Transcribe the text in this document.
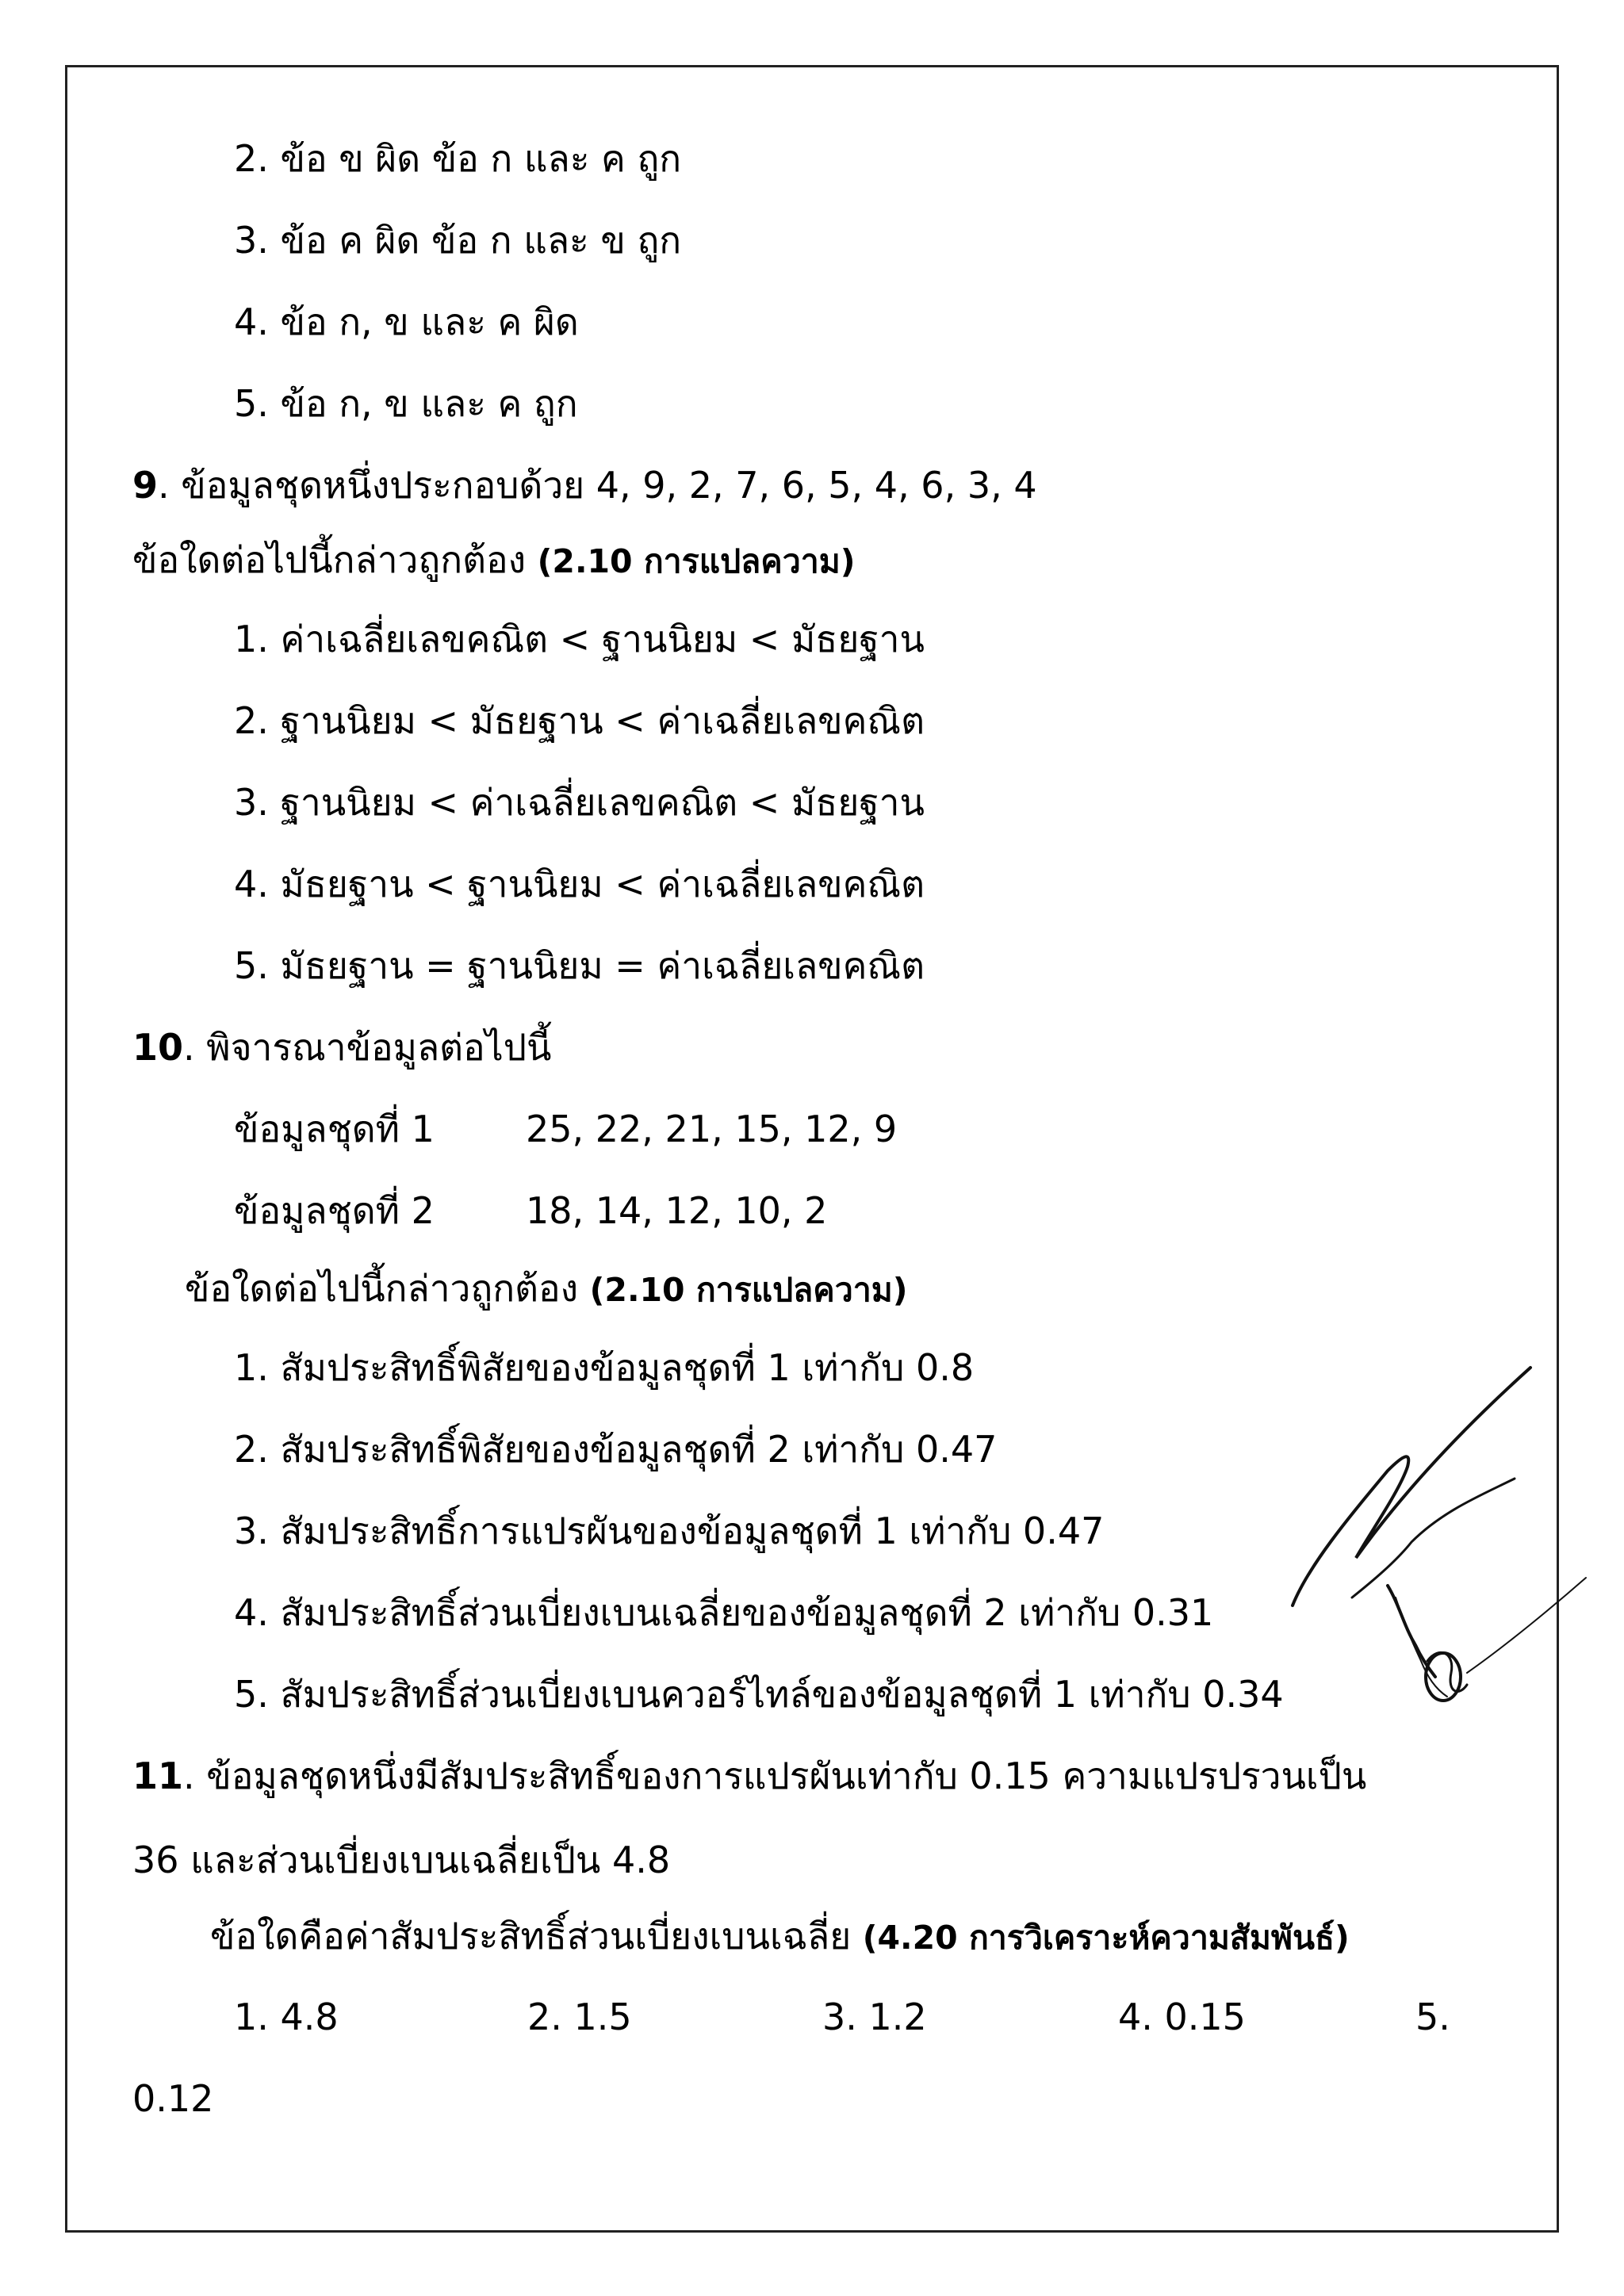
2. ข้อ ข ผิด ข้อ ก และ ค ถูก
3. ข้อ ค ผิด ข้อ ก และ ข ถูก
4. ข้อ ก, ข และ ค ผิด
5. ข้อ ก, ข และ ค ถูก
9. ข้อมูลชุดหนึ่งประกอบด้วย 4, 9, 2, 7, 6, 5, 4, 6, 3, 4
ข้อใดต่อไปนี้กล่าวถูกต้อง (2.10 การแปลความ)
1. ค่าเฉลี่ยเลขคณิต < ฐานนิยม < มัธยฐาน
2. ฐานนิยม < มัธยฐาน < ค่าเฉลี่ยเลขคณิต
3. ฐานนิยม < ค่าเฉลี่ยเลขคณิต < มัธยฐาน
4. มัธยฐาน < ฐานนิยม < ค่าเฉลี่ยเลขคณิต
5. มัธยฐาน = ฐานนิยม = ค่าเฉลี่ยเลขคณิต
10. พิจารณาข้อมูลต่อไปนี้
ข้อมูลชุดที่ 1	25, 22, 21, 15, 12, 9
ข้อมูลชุดที่ 2	18, 14, 12, 10, 2
ข้อใดต่อไปนี้กล่าวถูกต้อง (2.10 การแปลความ)
1. สัมประสิทธิ์พิสัยของข้อมูลชุดที่ 1 เท่ากับ 0.8
2. สัมประสิทธิ์พิสัยของข้อมูลชุดที่ 2 เท่ากับ 0.47
3. สัมประสิทธิ์การแปรผันของข้อมูลชุดที่ 1 เท่ากับ 0.47
4. สัมประสิทธิ์ส่วนเบี่ยงเบนเฉลี่ยของข้อมูลชุดที่ 2 เท่ากับ 0.31
5. สัมประสิทธิ์ส่วนเบี่ยงเบนควอร์ไทล์ของข้อมูลชุดที่ 1 เท่ากับ 0.34
11. ข้อมูลชุดหนึ่งมีสัมประสิทธิ์ของการแปรผันเท่ากับ 0.15 ความแปรปรวนเป็น
36 และส่วนเบี่ยงเบนเฉลี่ยเป็น 4.8
ข้อใดคือค่าสัมประสิทธิ์ส่วนเบี่ยงเบนเฉลี่ย (4.20 การวิเคราะห์ความสัมพันธ์)
1. 4.8	2. 1.5	3. 1.2	4. 0.15	5.
0.12
